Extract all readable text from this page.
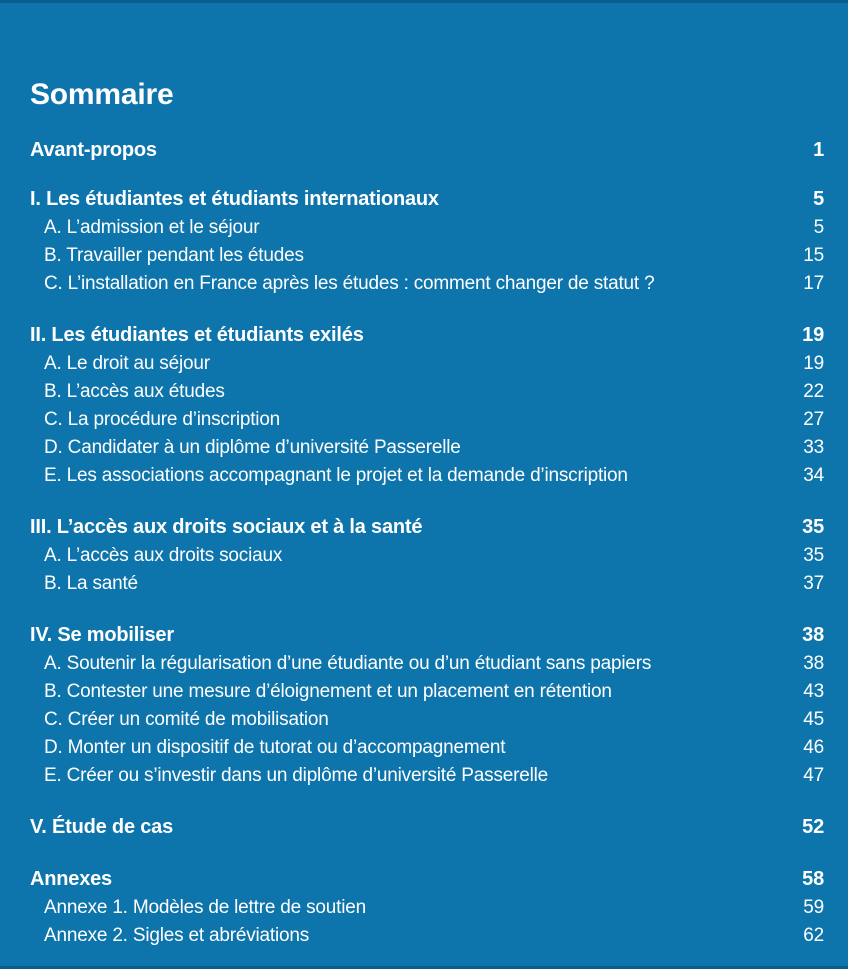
Sommaire
Avant-propos	1
I. Les étudiantes et étudiants internationaux	5
A. L’admission et le séjour	5
B. Travailler pendant les études	15
C. L’installation en France après les études : comment changer de statut ?	17
II. Les étudiantes et étudiants exilés	19
A. Le droit au séjour	19
B. L’accès aux études	22
C. La procédure d’inscription	27
D. Candidater à un diplôme d’université Passerelle	33
E. Les associations accompagnant le projet et la demande d’inscription	34
III. L’accès aux droits sociaux et à la santé	35
A. L’accès aux droits sociaux	35
B. La santé	37
IV. Se mobiliser	38
A. Soutenir la régularisation d’une étudiante ou d’un étudiant sans papiers	38
B. Contester une mesure d’éloignement et un placement en rétention	43
C. Créer un comité de mobilisation	45
D. Monter un dispositif de tutorat ou d’accompagnement	46
E. Créer ou s’investir dans un diplôme d’université Passerelle	47
V. Étude de cas	52
Annexes	58
Annexe 1. Modèles de lettre de soutien	59
Annexe 2. Sigles et abréviations	62
